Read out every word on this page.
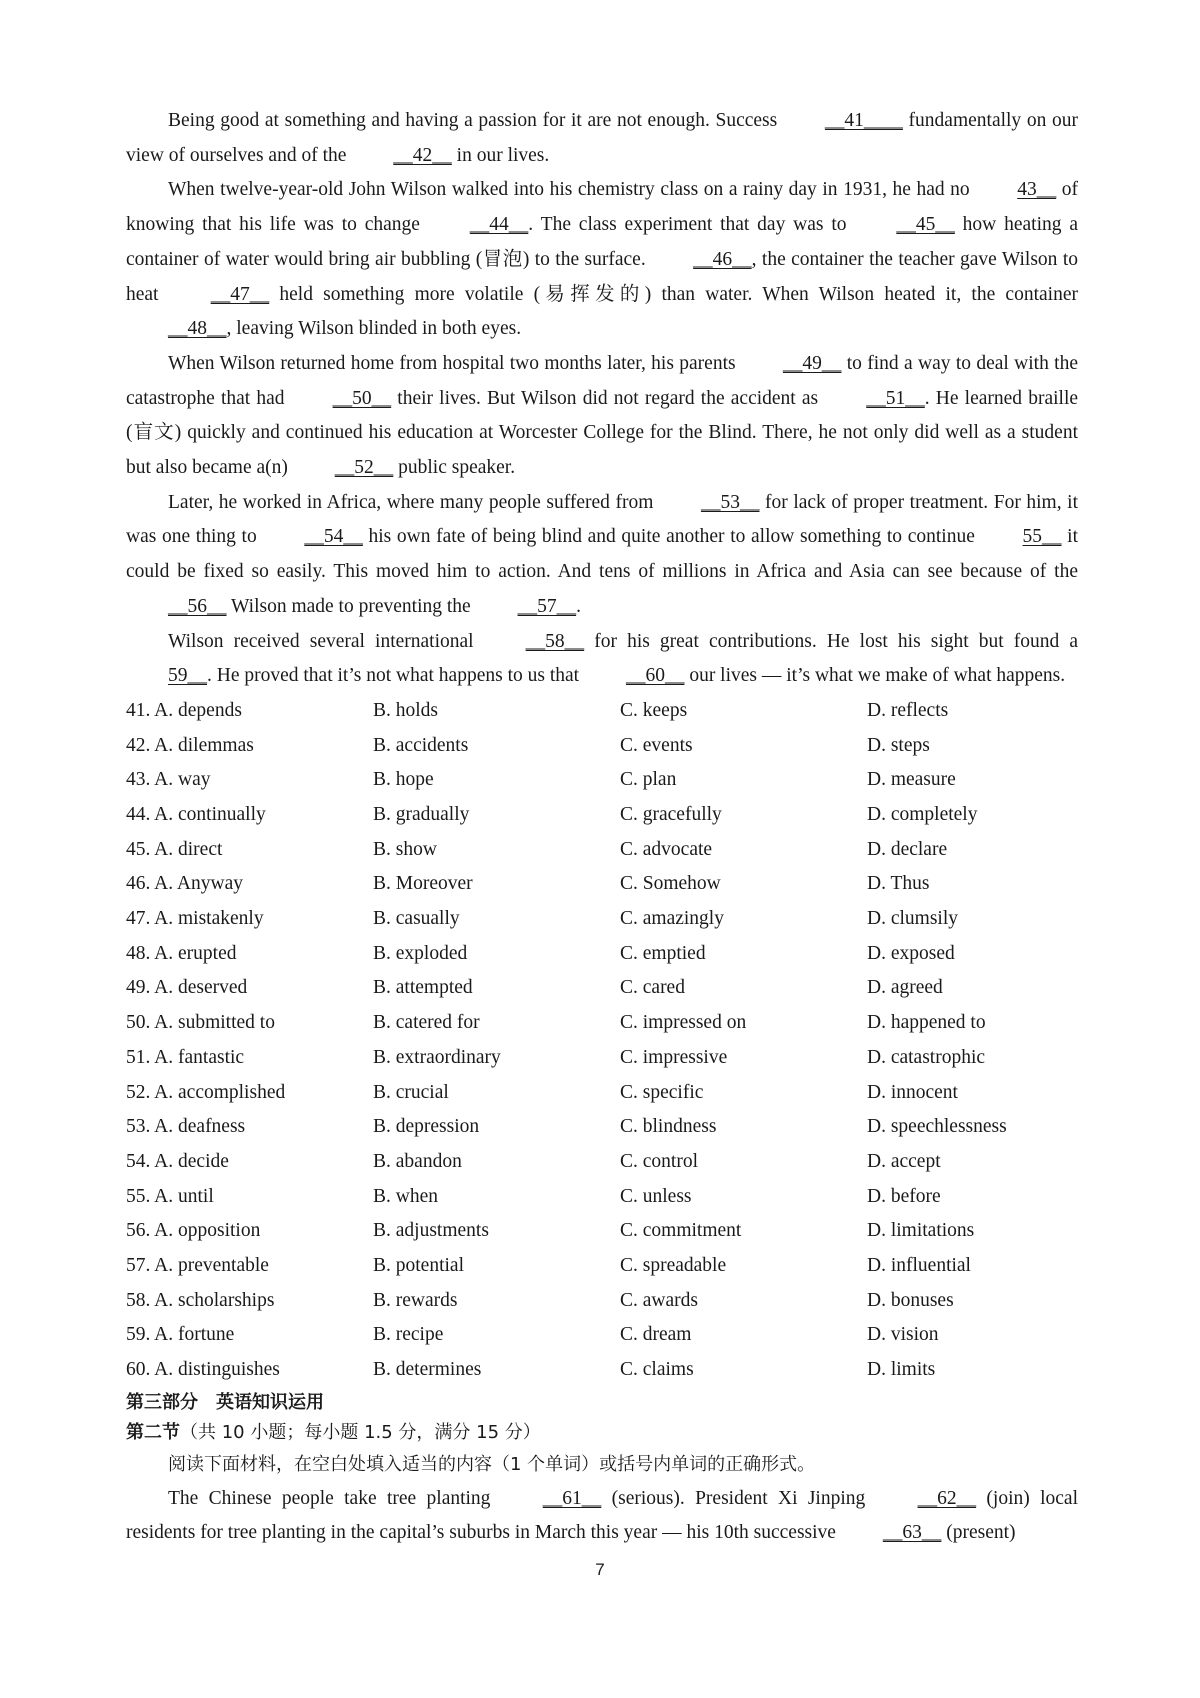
Being good at something and having a passion for it are not enough. Success __41____ fundamentally on our view of ourselves and of the __42__ in our lives.

When twelve-year-old John Wilson walked into his chemistry class on a rainy day in 1931, he had no 43__ of knowing that his life was to change __44__. The class experiment that day was to __45__ how heating a container of water would bring air bubbling (冒泡) to the surface. __46__, the container the teacher gave Wilson to heat __47__ held something more volatile (易挥发的) than water. When Wilson heated it, the container __48__, leaving Wilson blinded in both eyes.

When Wilson returned home from hospital two months later, his parents __49__ to find a way to deal with the catastrophe that had __50__ their lives. But Wilson did not regard the accident as __51__. He learned braille (盲文) quickly and continued his education at Worcester College for the Blind. There, he not only did well as a student but also became a(n) __52__ public speaker.

Later, he worked in Africa, where many people suffered from __53__ for lack of proper treatment. For him, it was one thing to __54__ his own fate of being blind and quite another to allow something to continue 55__ it could be fixed so easily. This moved him to action. And tens of millions in Africa and Asia can see because of the __56__ Wilson made to preventing the __57__.

Wilson received several international __58__ for his great contributions. He lost his sight but found a 59__. He proved that it’s not what happens to us that __60__ our lives — it’s what we make of what happens.

41. A. depends	B. holds	C. keeps	D. reflects
42. A. dilemmas	B. accidents	C. events	D. steps
43. A. way	B. hope	C. plan	D. measure
44. A. continually	B. gradually	C. gracefully	D. completely
45. A. direct	B. show	C. advocate	D. declare
46. A. Anyway	B. Moreover	C. Somehow	D. Thus
47. A. mistakenly	B. casually	C. amazingly	D. clumsily
48. A. erupted	B. exploded	C. emptied	D. exposed
49. A. deserved	B. attempted	C. cared	D. agreed
50. A. submitted to	B. catered for	C. impressed on	D. happened to
51. A. fantastic	B. extraordinary	C. impressive	D. catastrophic
52. A. accomplished	B. crucial	C. specific	D. innocent
53. A. deafness	B. depression	C. blindness	D. speechlessness
54. A. decide	B. abandon	C. control	D. accept
55. A. until	B. when	C. unless	D. before
56. A. opposition	B. adjustments	C. commitment	D. limitations
57. A. preventable	B. potential	C. spreadable	D. influential
58. A. scholarships	B. rewards	C. awards	D. bonuses
59. A. fortune	B. recipe	C. dream	D. vision
60. A. distinguishes	B. determines	C. claims	D. limits

第三部分　英语知识运用

第二节（共 10 小题；每小题 1.5 分，满分 15 分）

阅读下面材料，在空白处填入适当的内容（1 个单词）或括号内单词的正确形式。

The Chinese people take tree planting __61__ (serious). President Xi Jinping __62__ (join) local residents for tree planting in the capital’s suburbs in March this year — his 10th successive __63__ (present)

7
